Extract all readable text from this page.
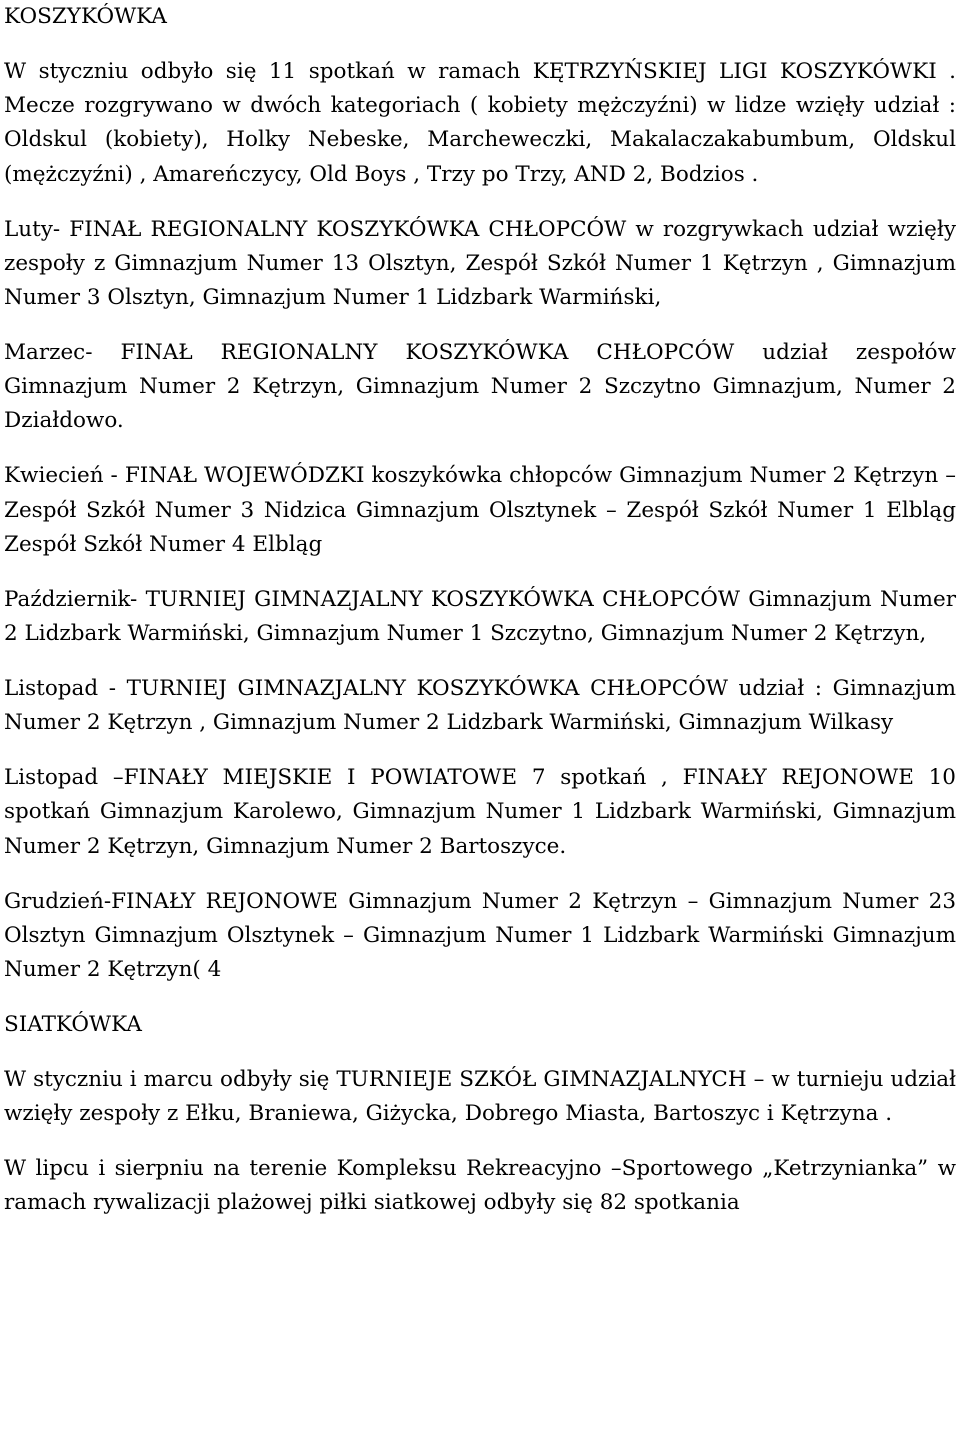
KOSZYKÓWKA

W styczniu odbyło się 11 spotkań w ramach KĘTRZYŃSKIEJ LIGI KOSZYKÓWKI . Mecze rozgrywano w dwóch kategoriach ( kobiety mężczyźni) w lidze wzięły udział : Oldskul (kobiety), Holky Nebeske, Marcheweczki, Makalaczakabumbum, Oldskul (mężczyźni) , Amareńczycy, Old Boys , Trzy po Trzy, AND 2, Bodzios .

Luty- FINAŁ REGIONALNY KOSZYKÓWKA CHŁOPCÓW w rozgrywkach udział wzięły zespoły z Gimnazjum Numer 13 Olsztyn, Zespół Szkół Numer 1 Kętrzyn , Gimnazjum Numer 3 Olsztyn, Gimnazjum Numer 1 Lidzbark Warmiński,

Marzec- FINAŁ REGIONALNY KOSZYKÓWKA CHŁOPCÓW udział zespołów Gimnazjum Numer 2 Kętrzyn, Gimnazjum Numer 2 Szczytno Gimnazjum, Numer 2 Działdowo.

Kwiecień - FINAŁ WOJEWÓDZKI koszykówka chłopców Gimnazjum Numer 2 Kętrzyn – Zespół Szkół Numer 3 Nidzica Gimnazjum Olsztynek – Zespół Szkół Numer 1 Elbląg Zespół Szkół Numer 4 Elbląg

Październik- TURNIEJ GIMNAZJALNY KOSZYKÓWKA CHŁOPCÓW Gimnazjum Numer 2 Lidzbark Warmiński, Gimnazjum Numer 1 Szczytno, Gimnazjum Numer 2 Kętrzyn,

Listopad - TURNIEJ GIMNAZJALNY KOSZYKÓWKA CHŁOPCÓW udział : Gimnazjum Numer 2 Kętrzyn , Gimnazjum Numer 2 Lidzbark Warmiński, Gimnazjum Wilkasy

Listopad –FINAŁY MIEJSKIE I POWIATOWE 7 spotkań , FINAŁY REJONOWE 10 spotkań Gimnazjum Karolewo, Gimnazjum Numer 1 Lidzbark Warmiński, Gimnazjum Numer 2 Kętrzyn, Gimnazjum Numer 2 Bartoszyce.

Grudzień-FINAŁY REJONOWE Gimnazjum Numer 2 Kętrzyn – Gimnazjum Numer 23 Olsztyn Gimnazjum Olsztynek – Gimnazjum Numer 1 Lidzbark Warmiński Gimnazjum Numer 2 Kętrzyn( 4

SIATKÓWKA

W styczniu i marcu odbyły się TURNIEJE SZKÓŁ GIMNAZJALNYCH – w turnieju udział wzięły zespoły z Ełku, Braniewa, Giżycka, Dobrego Miasta, Bartoszyc i Kętrzyna .

W lipcu i sierpniu na terenie Kompleksu Rekreacyjno –Sportowego „Ketrzynianka” w ramach rywalizacji plażowej piłki siatkowej odbyły się 82 spotkania
